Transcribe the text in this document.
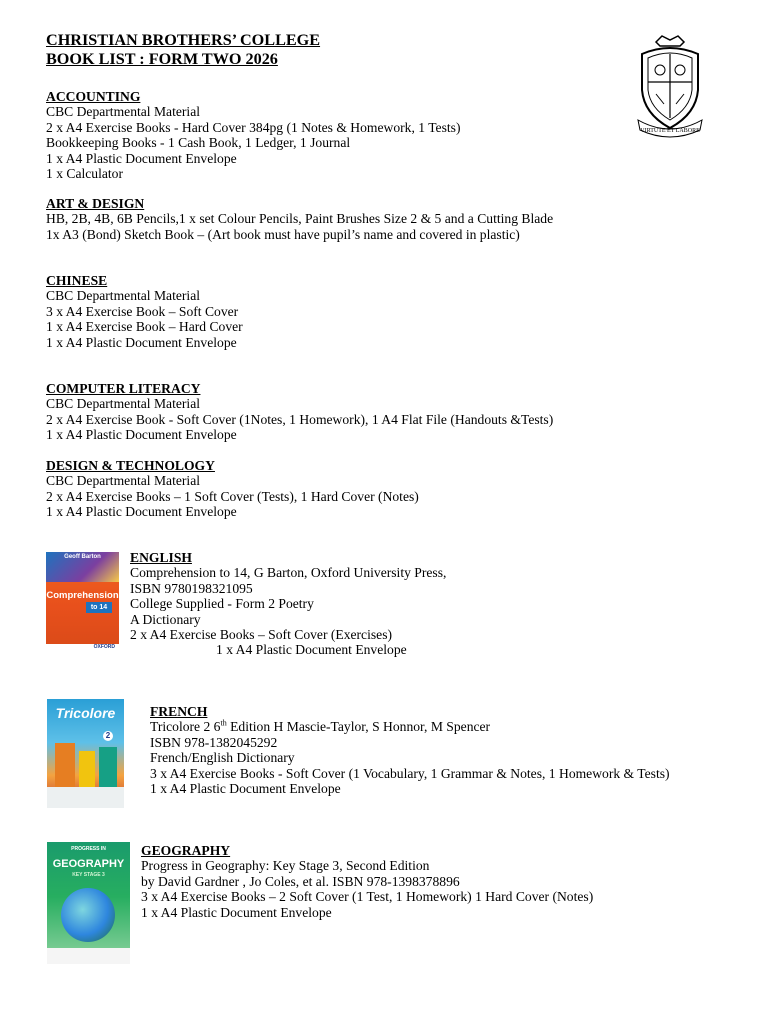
CHRISTIAN BROTHERS’ COLLEGE
BOOK LIST : FORM TWO 2026
VIRTUTE ET LABORE
ACCOUNTING
CBC Departmental Material
2 x A4 Exercise Books - Hard Cover 384pg (1 Notes & Homework, 1 Tests)
Bookkeeping Books - 1 Cash Book, 1 Ledger, 1 Journal
1 x A4 Plastic Document Envelope
1 x Calculator
ART & DESIGN
HB, 2B, 4B, 6B Pencils,1 x set Colour Pencils, Paint Brushes Size 2 & 5 and a Cutting Blade
1x A3 (Bond) Sketch Book – (Art book must have pupil’s name and covered in plastic)
CHINESE
CBC Departmental Material
3 x A4 Exercise Book – Soft Cover
1 x A4 Exercise Book – Hard Cover
1 x A4 Plastic Document Envelope
COMPUTER LITERACY
CBC Departmental Material
2 x A4 Exercise Book - Soft Cover (1Notes, 1 Homework), 1 A4 Flat File (Handouts &Tests)
1 x A4 Plastic Document Envelope
DESIGN & TECHNOLOGY
CBC Departmental Material
2 x A4 Exercise Books – 1 Soft Cover (Tests), 1 Hard Cover (Notes)
1 x A4 Plastic Document Envelope
Geoff Barton
Comprehension
to 14
OXFORD
ENGLISH
Comprehension to 14, G Barton, Oxford University Press,
ISBN 9780198321095
College Supplied - Form 2 Poetry
A Dictionary
2 x A4 Exercise Books – Soft Cover (Exercises)
1 x A4 Plastic Document Envelope
Tricolore
2
FRENCH
Tricolore 2 6th Edition H Mascie-Taylor, S Honnor, M Spencer
ISBN 978-1382045292
French/English Dictionary
3 x A4 Exercise Books - Soft Cover (1 Vocabulary, 1 Grammar & Notes, 1 Homework & Tests)
1 x A4 Plastic Document Envelope
PROGRESS IN
GEOGRAPHY
KEY STAGE 3
GEOGRAPHY
Progress in Geography: Key Stage 3, Second Edition
by David Gardner , Jo Coles, et al. ISBN 978-1398378896
3 x A4 Exercise Books – 2 Soft Cover (1 Test, 1 Homework) 1 Hard Cover (Notes)
1 x A4 Plastic Document Envelope
